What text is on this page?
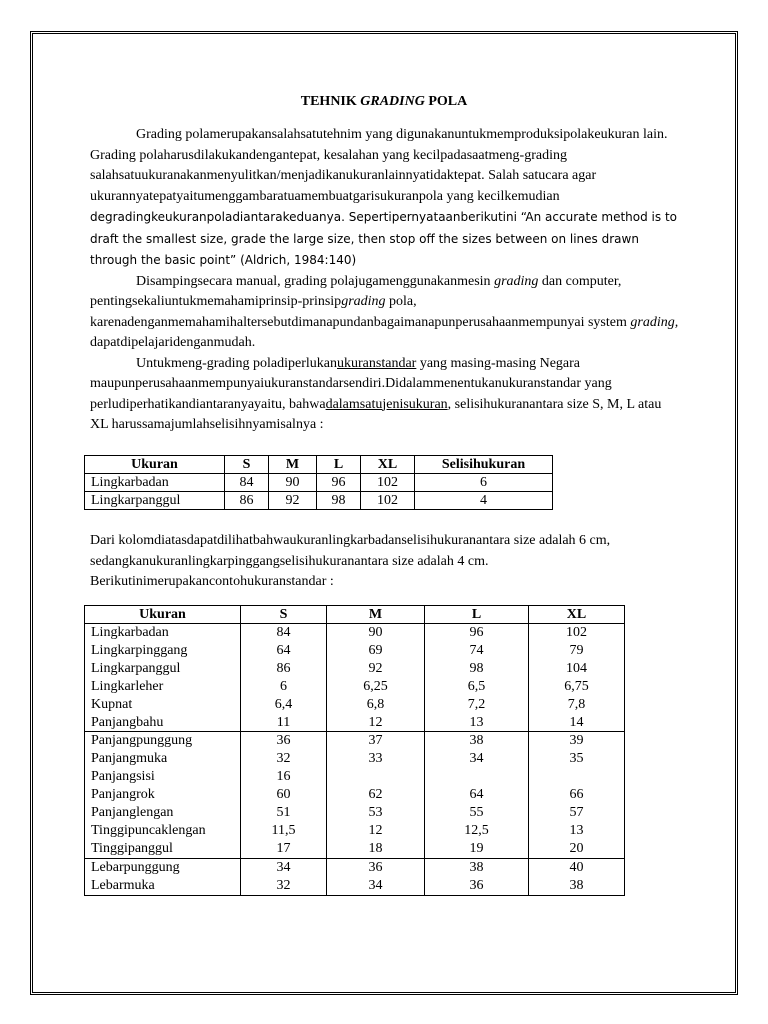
TEHNIK GRADING POLA

Grading polamerupakansalahsatutehnim yang digunakanuntukmemproduksipolakeukuran lain. Grading polaharusdilakukandengantepat, kesalahan yang kecilpadasaatmeng-grading salahsatuukuranakanmenyulitkan/menjadikanukuranlainnyatidaktepat. Salah satucara agar ukurannyatepatyaitumenggambaratuamembuatgarisukuranpola yang kecilkemudian degradingkeukuranpoladiantarakeduanya. Sepertipernyataanberikutini “An accurate method is to draft the smallest size, grade the large size, then stop off the sizes between on lines drawn through the basic point” (Aldrich, 1984:140)

Disampingsecara manual, grading polajugamenggunakanmesin grading dan computer, pentingsekaliuntukmemahamiprinsip-prinsipgrading pola, karenadenganmemahamihaltersebutdimanapundanbagaimanapunperusahaanmempunyai system grading, dapatdipelajaridenganmudah.

Untukmeng-grading poladiperlukanukuranstandar yang masing-masing Negara maupunperusahaanmempunyaiukuranstandarsendiri.Didalammenentukanukuranstandar yang perludiperhatikandiantaranyayaitu, bahwadalamsatujenisukuran, selisihukuranantara size S, M, L atau XL harussamajumlahselisihnyamisalnya :

Ukuran	S	M	L	XL	Selisihukuran
Lingkarbadan	84	90	96	102	6
Lingkarpanggul	86	92	98	102	4

Dari kolomdiatasdapatdilihatbahwaukuranlingkarbadanselisihukuranantara size adalah 6 cm, sedangkanukuranlingkarpinggangselisihukuranantara size adalah 4 cm. Berikutinimerupakancontohukuranstandar :

Ukuran	S	M	L	XL
Lingkarbadan	84	90	96	102
Lingkarpinggang	64	69	74	79
Lingkarpanggul	86	92	98	104
Lingkarleher	6	6,25	6,5	6,75
Kupnat	6,4	6,8	7,2	7,8
Panjangbahu	11	12	13	14
Panjangpunggung	36	37	38	39
Panjangmuka	32	33	34	35
Panjangsisi	16			
Panjangrok	60	62	64	66
Panjanglengan	51	53	55	57
Tinggipuncaklengan	11,5	12	12,5	13
Tinggipanggul	17	18	19	20
Lebarpunggung	34	36	38	40
Lebarmuka	32	34	36	38
